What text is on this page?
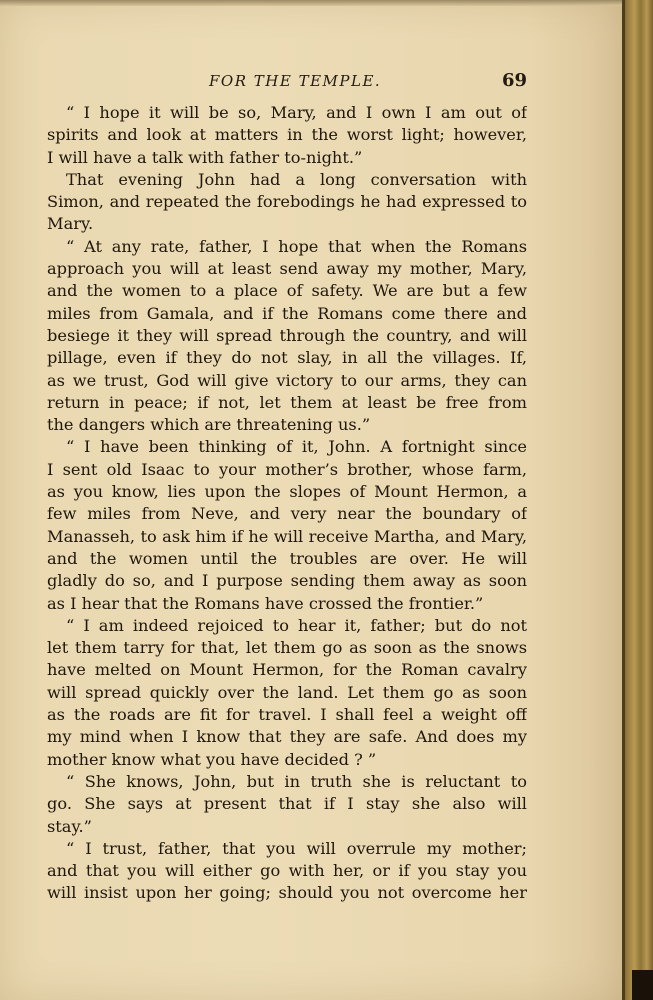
FOR THE TEMPLE.	69
“ I hope it will be so, Mary, and I own I am out of
spirits and look at matters in the worst light; however,
I will have a talk with father to-night.”
That evening John had a long conversation with
Simon, and repeated the forebodings he had expressed to
Mary.
“ At any rate, father, I hope that when the Romans
approach you will at least send away my mother, Mary,
and the women to a place of safety. We are but a few
miles from Gamala, and if the Romans come there and
besiege it they will spread through the country, and will
pillage, even if they do not slay, in all the villages. If,
as we trust, God will give victory to our arms, they can
return in peace; if not, let them at least be free from
the dangers which are threatening us.”
“ I have been thinking of it, John. A fortnight since
I sent old Isaac to your mother’s brother, whose farm,
as you know, lies upon the slopes of Mount Hermon, a
few miles from Neve, and very near the boundary of
Manasseh, to ask him if he will receive Martha, and Mary,
and the women until the troubles are over. He will
gladly do so, and I purpose sending them away as soon
as I hear that the Romans have crossed the frontier.”
“ I am indeed rejoiced to hear it, father; but do not
let them tarry for that, let them go as soon as the snows
have melted on Mount Hermon, for the Roman cavalry
will spread quickly over the land. Let them go as soon
as the roads are fit for travel. I shall feel a weight off
my mind when I know that they are safe. And does my
mother know what you have decided ? ”
“ She knows, John, but in truth she is reluctant to
go. She says at present that if I stay she also will
stay.”
“ I trust, father, that you will overrule my mother;
and that you will either go with her, or if you stay you
will insist upon her going; should you not overcome her
